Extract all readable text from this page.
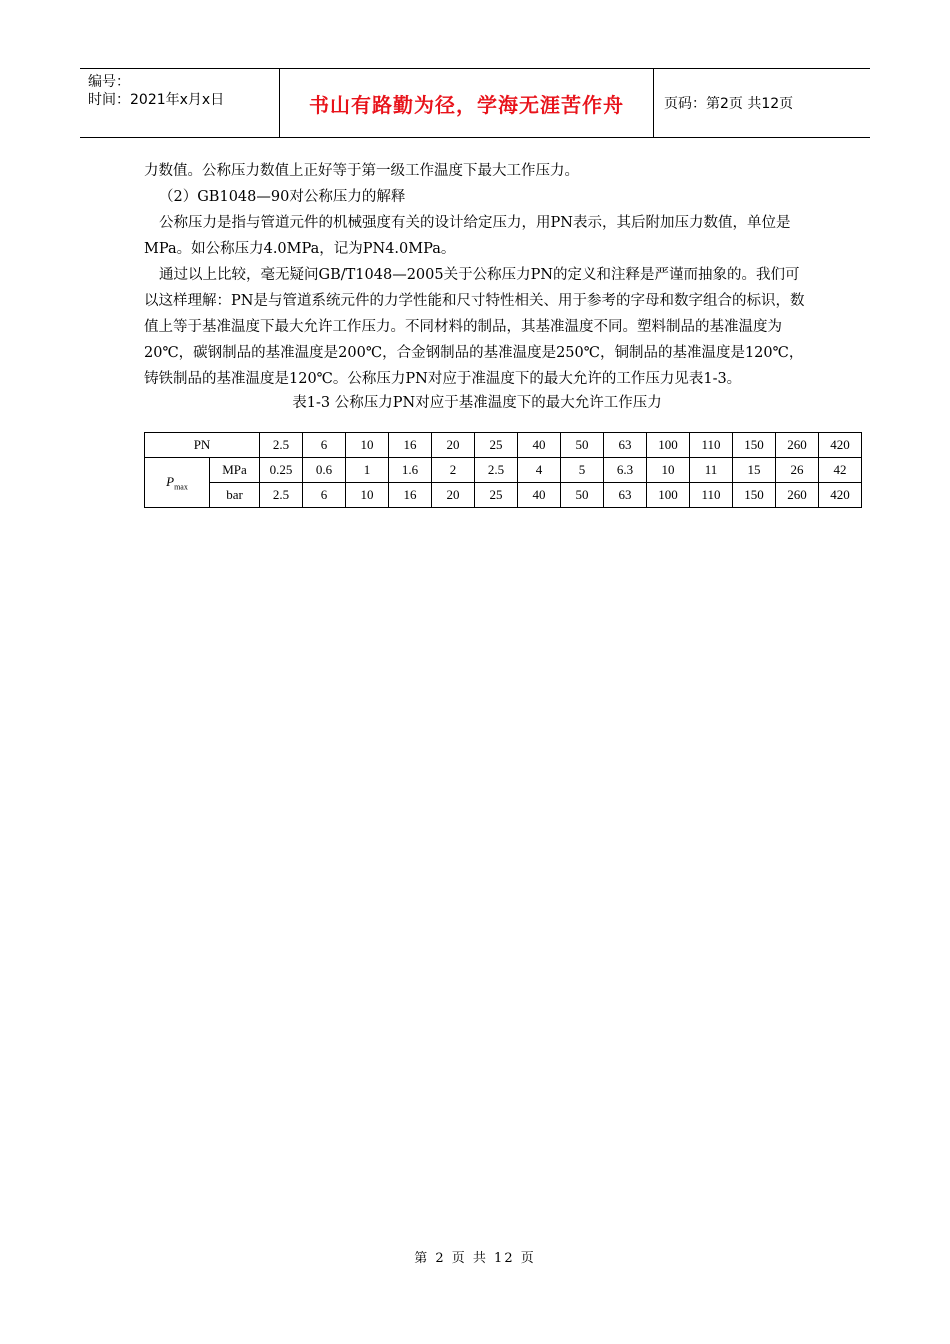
编号：
时间：2021年x月x日	书山有路勤为径，学海无涯苦作舟	页码：第2页 共12页

力数值。公称压力数值上正好等于第一级工作温度下最大工作压力。

（2）GB1048—90对公称压力的解释

公称压力是指与管道元件的机械强度有关的设计给定压力，用PN表示，其后附加压力数值，单位是MPa。如公称压力4.0MPa，记为PN4.0MPa。

通过以上比较，毫无疑问GB/T1048—2005关于公称压力PN的定义和注释是严谨而抽象的。我们可以这样理解：PN是与管道系统元件的力学性能和尺寸特性相关、用于参考的字母和数字组合的标识，数值上等于基准温度下最大允许工作压力。不同材料的制品，其基准温度不同。塑料制品的基准温度为20℃，碳钢制品的基准温度是200℃，合金钢制品的基准温度是250℃，铜制品的基准温度是120℃，铸铁制品的基准温度是120℃。公称压力PN对应于准温度下的最大允许的工作压力见表1-3。

表1-3 公称压力PN对应于基准温度下的最大允许工作压力
PN		2.5	6	10	16	20	25	40	50	63	100	110	150	260	420
$P_{max}$	MPa	0.25	0.6	1	1.6	2	2.5	4	5	6.3	10	11	15	26	42
	bar	2.5	6	10	16	20	25	40	50	63	100	110	150	260	420
第 2 页 共 12 页
